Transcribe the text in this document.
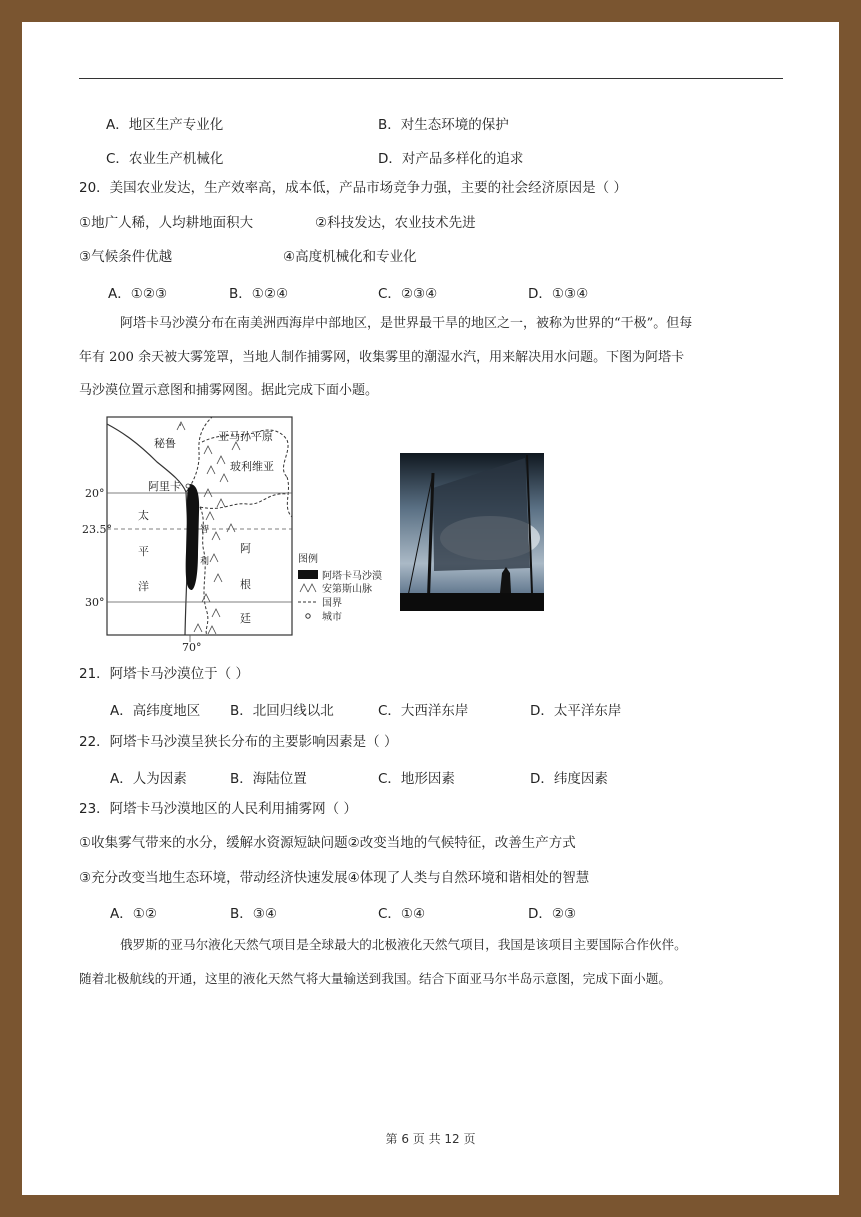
A．地区生产专业化	B．对生态环境的保护
C．农业生产机械化	D．对产品多样化的追求
20．美国农业发达，生产效率高，成本低，产品市场竞争力强，主要的社会经济原因是（ ）
①地广人稀，人均耕地面积大	②科技发达，农业技术先进
③气候条件优越	④高度机械化和专业化
A．①②③	B．①②④	C．②③④	D．①③④
阿塔卡马沙漠分布在南美洲西海岸中部地区，是世界最干旱的地区之一，被称为世界的“干极”。但每
年有 200 余天被大雾笼罩，当地人制作捕雾网，收集雾里的潮湿水汽，用来解决用水问题。下图为阿塔卡
马沙漠位置示意图和捕雾网图。据此完成下面小题。
20°
23.5°
30°
70°
秘鲁
亚马孙平原
玻利维亚
阿里卡
太
平
洋
智
利
阿
根
廷
图例
阿塔卡马沙漠
安第斯山脉
国界
城市
21．阿塔卡马沙漠位于（ ）
A．高纬度地区 B．北回归线以北	C．大西洋东岸	D．太平洋东岸
22．阿塔卡马沙漠呈狭长分布的主要影响因素是（ ）
A．人为因素	B．海陆位置	C．地形因素	D．纬度因素
23．阿塔卡马沙漠地区的人民利用捕雾网（ ）
①收集雾气带来的水分，缓解水资源短缺问题②改变当地的气候特征，改善生产方式
③充分改变当地生态环境，带动经济快速发展④体现了人类与自然环境和谐相处的智慧
A．①②	B．③④	C．①④	D．②③
俄罗斯的亚马尔液化天然气项目是全球最大的北极液化天然气项目，我国是该项目主要国际合作伙伴。
随着北极航线的开通，这里的液化天然气将大量输送到我国。结合下面亚马尔半岛示意图，完成下面小题。
第 6 页 共 12 页
